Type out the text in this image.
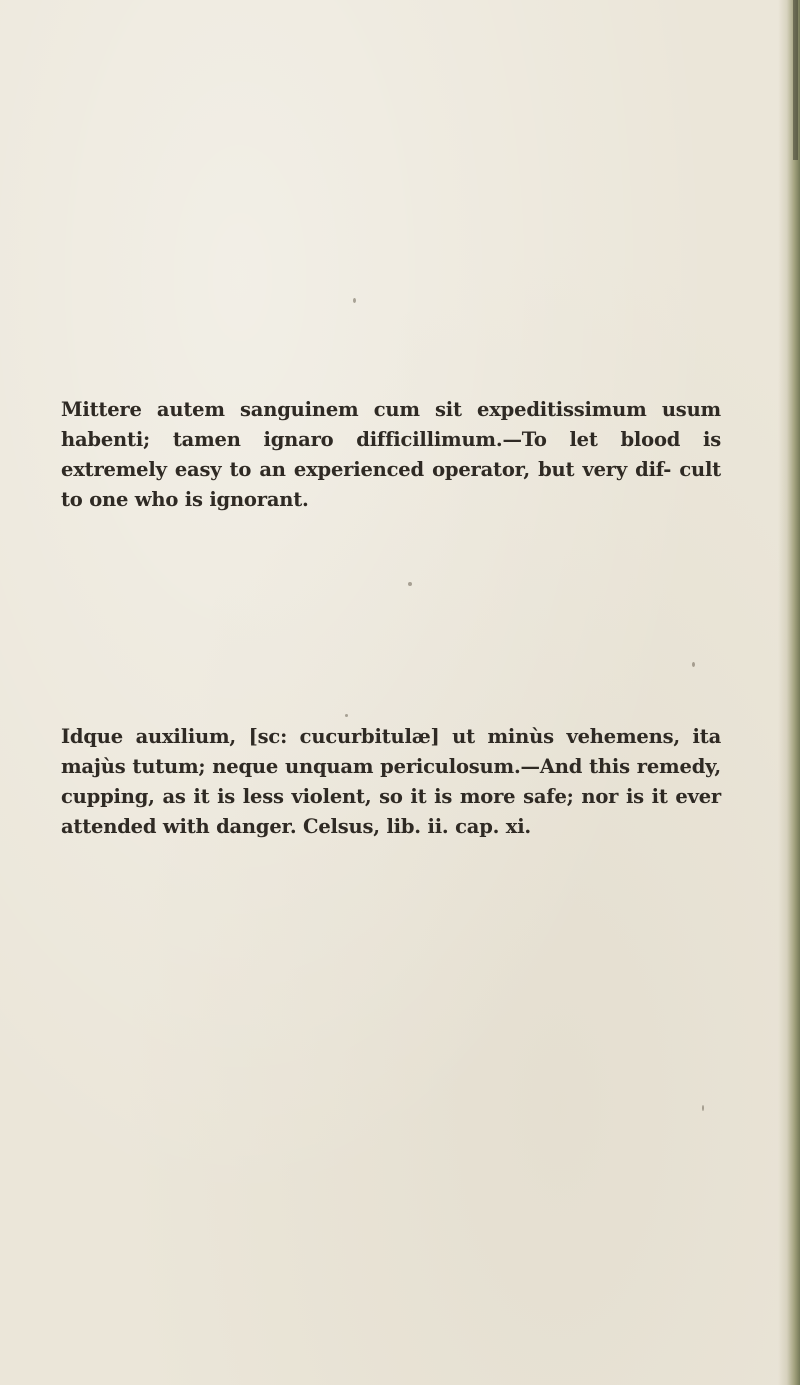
Mittere autem sanguinem cum sit expeditissimum usum habenti; tamen ignaro difficillimum.—To let blood is extremely easy to an experienced operator, but very dif- cult to one who is ignorant.

Idque auxilium, [sc: cucurbitulæ] ut minùs vehemens, ita majùs tutum; neque unquam periculosum.—And this remedy, cupping, as it is less violent, so it is more safe; nor is it ever attended with danger. Celsus, lib. ii. cap. xi.
